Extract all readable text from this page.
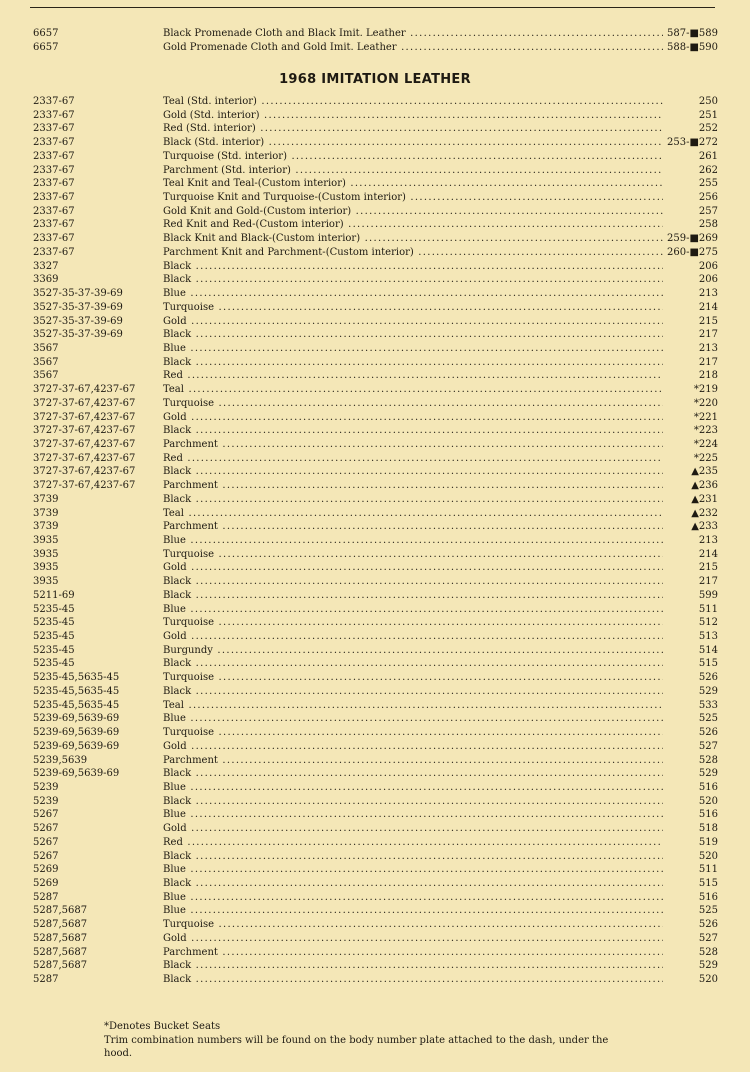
6657	Black Promenade Cloth and Black Imit. Leather .....	587-■589
6657	Gold Promenade Cloth and Gold Imit. Leather .....	588-■590
1968 IMITATION LEATHER
2337-67	Teal (Std. interior) .....	250
2337-67	Gold (Std. interior) .....	251
2337-67	Red (Std. interior) .....	252
2337-67	Black (Std. interior) .....	253-■272
2337-67	Turquoise (Std. interior) .....	261
2337-67	Parchment (Std. interior) .....	262
2337-67	Teal Knit and Teal-(Custom interior) .....	255
2337-67	Turquoise Knit and Turquoise-(Custom interior) .....	256
2337-67	Gold Knit and Gold-(Custom interior) .....	257
2337-67	Red Knit and Red-(Custom interior) .....	258
2337-67	Black Knit and Black-(Custom interior) .....	259-■269
2337-67	Parchment Knit and Parchment-(Custom interior) .....	260-■275
3327	Black .....	206
3369	Black .....	206
3527-35-37-39-69	Blue .....	213
3527-35-37-39-69	Turquoise .....	214
3527-35-37-39-69	Gold .....	215
3527-35-37-39-69	Black .....	217
3567	Blue .....	213
3567	Black .....	217
3567	Red .....	218
3727-37-67,4237-67	Teal .....	*219
3727-37-67,4237-67	Turquoise .....	*220
3727-37-67,4237-67	Gold .....	*221
3727-37-67,4237-67	Black .....	*223
3727-37-67,4237-67	Parchment .....	*224
3727-37-67,4237-67	Red .....	*225
3727-37-67,4237-67	Black .....	▲235
3727-37-67,4237-67	Parchment .....	▲236
3739	Black .....	▲231
3739	Teal .....	▲232
3739	Parchment .....	▲233
3935	Blue .....	213
3935	Turquoise .....	214
3935	Gold .....	215
3935	Black .....	217
5211-69	Black .....	599
5235-45	Blue .....	511
5235-45	Turquoise .....	512
5235-45	Gold .....	513
5235-45	Burgundy .....	514
5235-45	Black .....	515
5235-45,5635-45	Turquoise .....	526
5235-45,5635-45	Black .....	529
5235-45,5635-45	Teal .....	533
5239-69,5639-69	Blue .....	525
5239-69,5639-69	Turquoise .....	526
5239-69,5639-69	Gold .....	527
5239,5639	Parchment .....	528
5239-69,5639-69	Black .....	529
5239	Blue .....	516
5239	Black .....	520
5267	Blue .....	516
5267	Gold .....	518
5267	Red .....	519
5267	Black .....	520
5269	Blue .....	511
5269	Black .....	515
5287	Blue .....	516
5287,5687	Blue .....	525
5287,5687	Turquoise .....	526
5287,5687	Gold .....	527
5287,5687	Parchment .....	528
5287,5687	Black .....	529
5287	Black .....	520
*Denotes Bucket Seats
Trim combination numbers will be found on the body number plate attached to the dash, under the hood.
